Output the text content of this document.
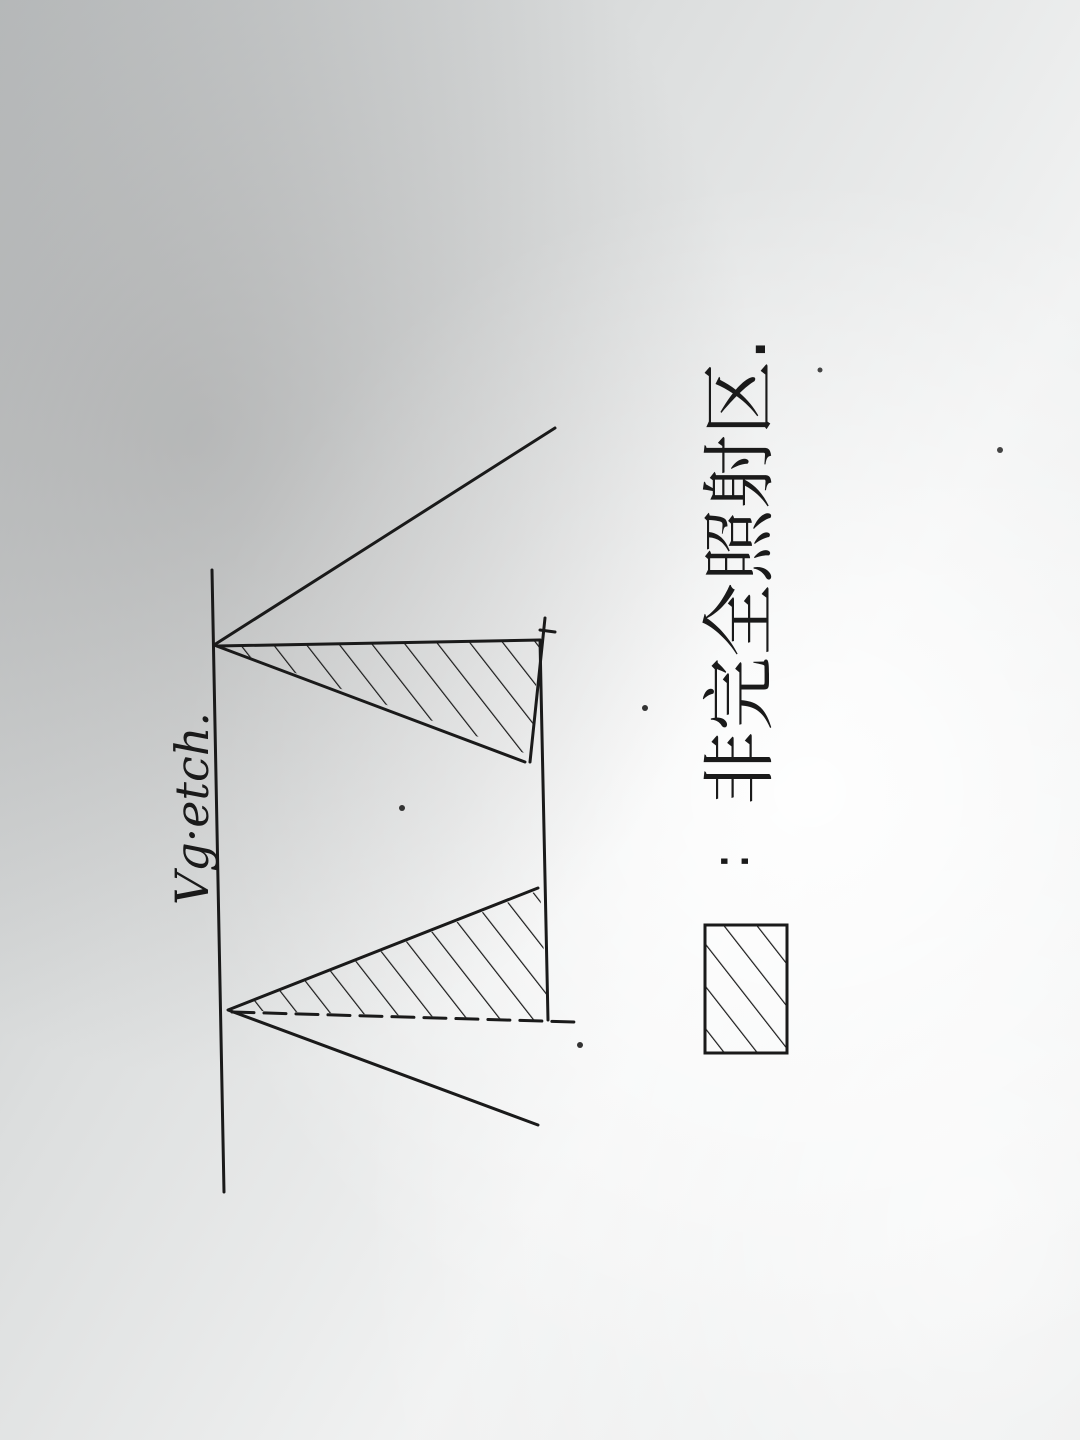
Vg·etch.	:
非完全照射区.
